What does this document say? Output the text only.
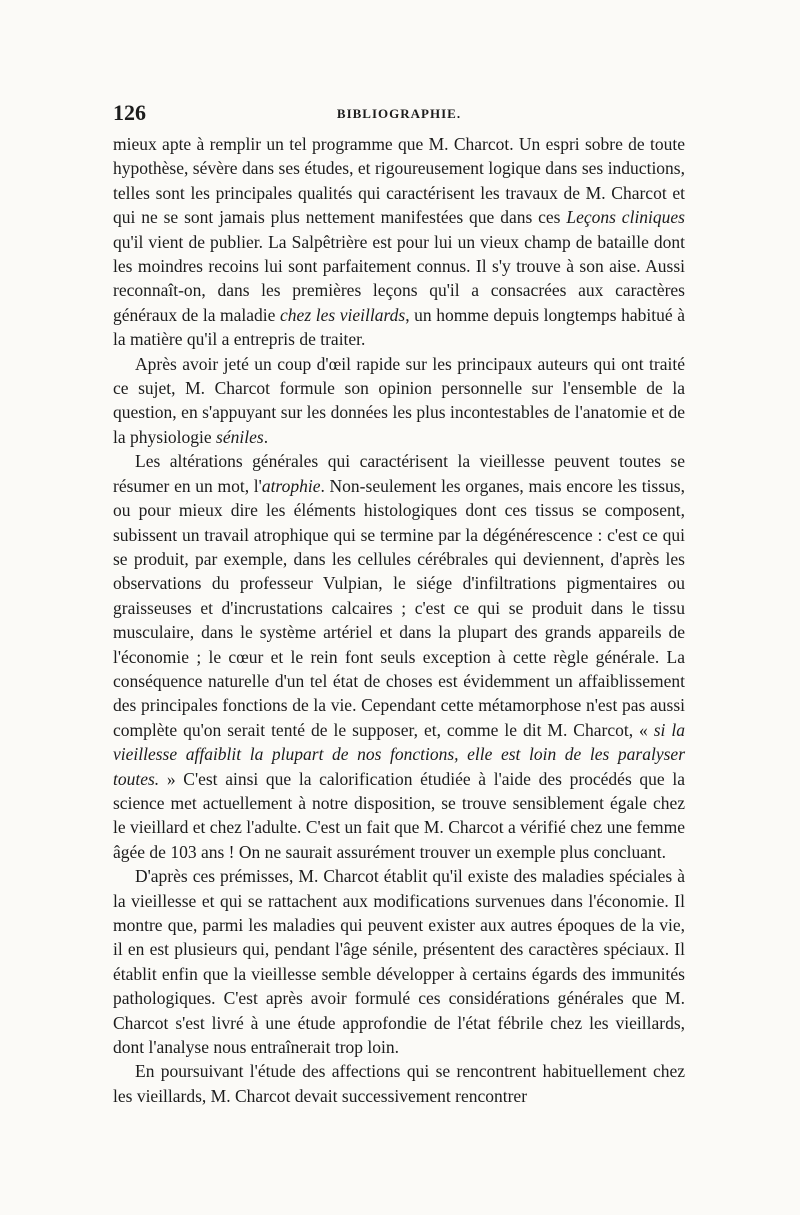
126	BIBLIOGRAPHIE.

mieux apte à remplir un tel programme que M. Charcot. Un espri sobre de toute hypothèse, sévère dans ses études, et rigoureusement logique dans ses inductions, telles sont les principales qualités qui caractérisent les travaux de M. Charcot et qui ne se sont jamais plus nettement manifestées que dans ces Leçons cliniques qu'il vient de publier. La Salpêtrière est pour lui un vieux champ de bataille dont les moindres recoins lui sont parfaitement connus. Il s'y trouve à son aise. Aussi reconnaît-on, dans les premières leçons qu'il a consacrées aux caractères généraux de la maladie chez les vieillards, un homme depuis longtemps habitué à la matière qu'il a entrepris de traiter.

Après avoir jeté un coup d'œil rapide sur les principaux auteurs qui ont traité ce sujet, M. Charcot formule son opinion personnelle sur l'ensemble de la question, en s'appuyant sur les données les plus incontestables de l'anatomie et de la physiologie séniles.

Les altérations générales qui caractérisent la vieillesse peuvent toutes se résumer en un mot, l'atrophie. Non-seulement les organes, mais encore les tissus, ou pour mieux dire les éléments histologiques dont ces tissus se composent, subissent un travail atrophique qui se termine par la dégénérescence : c'est ce qui se produit, par exemple, dans les cellules cérébrales qui deviennent, d'après les observations du professeur Vulpian, le siége d'infiltrations pigmentaires ou graisseuses et d'incrustations calcaires ; c'est ce qui se produit dans le tissu musculaire, dans le système artériel et dans la plupart des grands appareils de l'économie ; le cœur et le rein font seuls exception à cette règle générale. La conséquence naturelle d'un tel état de choses est évidemment un affaiblissement des principales fonctions de la vie. Cependant cette métamorphose n'est pas aussi complète qu'on serait tenté de le supposer, et, comme le dit M. Charcot, « si la vieillesse affaiblit la plupart de nos fonctions, elle est loin de les paralyser toutes. » C'est ainsi que la calorification étudiée à l'aide des procédés que la science met actuellement à notre disposition, se trouve sensiblement égale chez le vieillard et chez l'adulte. C'est un fait que M. Charcot a vérifié chez une femme âgée de 103 ans ! On ne saurait assurément trouver un exemple plus concluant.

D'après ces prémisses, M. Charcot établit qu'il existe des maladies spéciales à la vieillesse et qui se rattachent aux modifications survenues dans l'économie. Il montre que, parmi les maladies qui peuvent exister aux autres époques de la vie, il en est plusieurs qui, pendant l'âge sénile, présentent des caractères spéciaux. Il établit enfin que la vieillesse semble développer à certains égards des immunités pathologiques. C'est après avoir formulé ces considérations générales que M. Charcot s'est livré à une étude approfondie de l'état fébrile chez les vieillards, dont l'analyse nous entraînerait trop loin.

En poursuivant l'étude des affections qui se rencontrent habituellement chez les vieillards, M. Charcot devait successivement rencontrer
